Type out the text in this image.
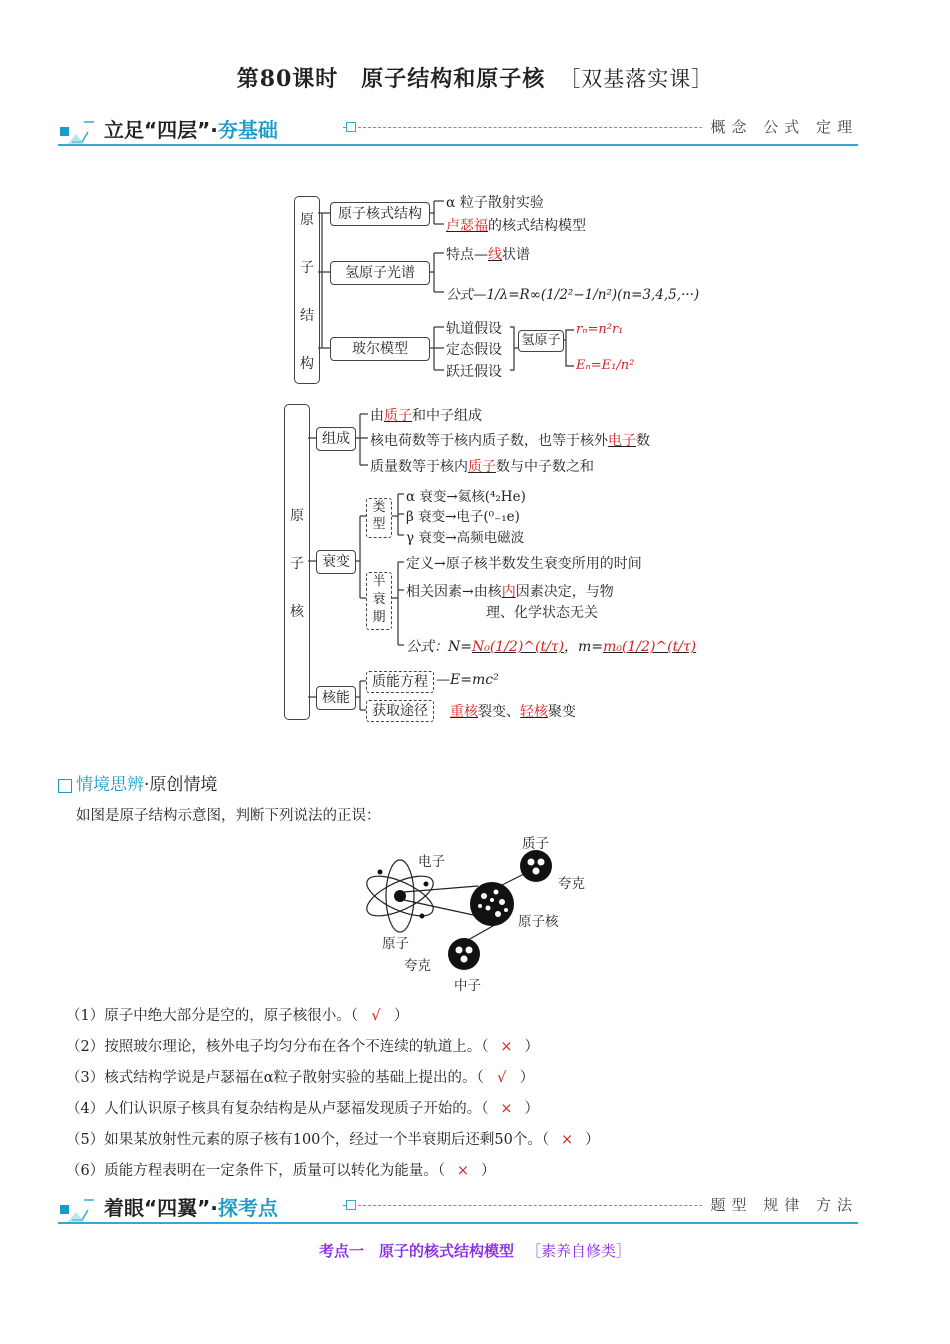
第80课时　原子结构和原子核 ［双基落实课］
立足“四层”·夯基础	概念 公式 定理
原
子
结
构
原子核式结构
α 粒子散射实验
卢瑟福的核式结构模型
氢原子光谱
特点—线状谱
公式—1/λ=R∞(1/2²−1/n²)(n=3,4,5,···)
玻尔模型
轨道假设
定态假设
跃迁假设
氢原子
rₙ=n²r₁
Eₙ=E₁/n²
原
子
核
组成
由质子和中子组成
核电荷数等于核内质子数，也等于核外电子数
质量数等于核内质子数与中子数之和
衰变
类型
α 衰变→氦核(⁴₂He)
β 衰变→电子(⁰₋₁e)
γ 衰变→高频电磁波
半衰期
定义→原子核半数发生衰变所用的时间
相关因素→由核内因素决定，与物
理、化学状态无关
公式：N=N₀(1/2)^(t/τ)，m=m₀(1/2)^(t/τ)
核能
质能方程 —E=mc²
获取途径	重核裂变、轻核聚变
情境思辨·原创情境
如图是原子结构示意图，判断下列说法的正误：
电子
原子
质子
夸克
原子核
夸克
中子
（1）原子中绝大部分是空的，原子核很小。（ √ ）
（2）按照玻尔理论，核外电子均匀分布在各个不连续的轨道上。（ × ）
（3）核式结构学说是卢瑟福在α粒子散射实验的基础上提出的。（ √ ）
（4）人们认识原子核具有复杂结构是从卢瑟福发现质子开始的。（ × ）
（5）如果某放射性元素的原子核有100个，经过一个半衰期后还剩50个。（ × ）
（6）质能方程表明在一定条件下，质量可以转化为能量。（ × ）
着眼“四翼”·探考点	题型 规律 方法
考点一　原子的核式结构模型 ［素养自修类］
